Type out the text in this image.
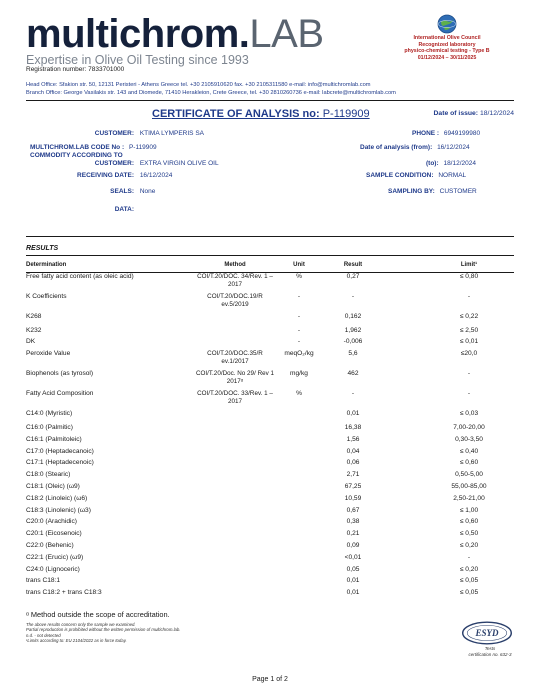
multichrom.LAB
Expertise in Olive Oil Testing since 1993
Registration number: 7833701000
International Olive Council
Recognized laboratory
physico-chemical testing - Type B
01/12/2024 – 30/11/2025
Head Office: Sfakion str. 50, 12131 Peristeri - Athens Greece tel. +30 2105910620 fax. +30 2105311580 e-mail: info@multichromlab.com
Branch Office: George Vasilakis str. 143 and Diomede, 71410 Herakleion, Crete Greece, tel. +30 2810260736 e-mail: labcrete@multichromlab.com
CERTIFICATE OF ANALYSIS no: P-119909	Date of issue: 18/12/2024
CUSTOMER: KTIMA LYMPERIS SA	PHONE : 6949199980
MULTICHROM.LAB CODE No : P-119909	Date of analysis (from): 16/12/2024
COMMODITY ACCORDING TO
CUSTOMER: EXTRA VIRGIN OLIVE OIL	(to): 18/12/2024
RECEIVING DATE: 16/12/2024	SAMPLE CONDITION: NORMAL
SEALS: None	SAMPLING BY: CUSTOMER
DATA:
RESULTS
Determination	Method	Unit	Result	Limit¹
Free fatty acid content (as oleic acid)	COI/T.20/DOC. 34/Rev. 1 – 2017	%	0,27	≤ 0,80
K Coefficients	COI/T.20/DOC.19/R ev.5/2019	-	-	-
K268		-	0,162	≤ 0,22
K232		-	1,962	≤ 2,50
DK		-	-0,006	≤ 0,01
Peroxide Value	COI/T.20/DOC.35/R ev.1/2017	meqO₂/kg	5,6	≤20,0
Biophenols (as tyrosol)	COI/T.20/Doc. No 29/ Rev 1 2017ᵅ	mg/kg	462	-
Fatty Acid Composition	COI/T.20/DOC. 33/Rev. 1 – 2017	%	-	-
C14:0 (Myristic)			0,01	≤ 0,03
C16:0 (Palmitic)			16,38	7,00-20,00
C16:1 (Palmitoleic)			1,56	0,30-3,50
C17:0 (Heptadecanoic)			0,04	≤ 0,40
C17:1 (Heptadecenoic)			0,06	≤ 0,60
C18:0 (Stearic)			2,71	0,50-5,00
C18:1 (Oleic) (ω9)			67,25	55,00-85,00
C18:2 (Linoleic) (ω6)			10,59	2,50-21,00
C18:3 (Linolenic) (ω3)			0,67	≤ 1,00
C20:0 (Arachidic)			0,38	≤ 0,60
C20:1 (Eicosenoic)			0,21	≤ 0,50
C22:0 (Behenic)			0,09	≤ 0,20
C22:1 (Erucic) (ω9)			<0,01	-
C24:0 (Lignoceric)			0,05	≤ 0,20
trans C18:1			0,01	≤ 0,05
trans C18:2 + trans C18:3			0,01	≤ 0,05
ᵅ Method outside the scope of accreditation.
The above results concern only the sample we examined.
Partial reproduction is prohibited without the written permission of multichrom.lab.
n.d. - not detected
¹Limits according to: EU 2104/2022 as in force today.
ESYD
Tests
certification no. 632-3
Page 1 of 2
